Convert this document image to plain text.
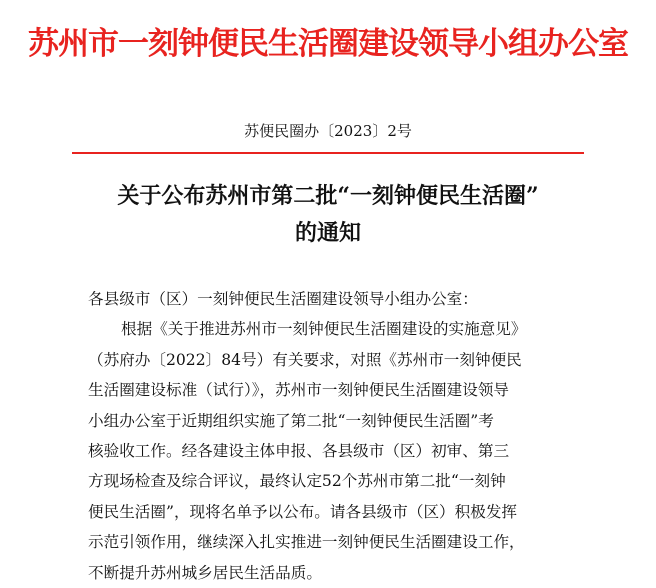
苏州市一刻钟便民生活圈建设领导小组办公室
苏便民圈办〔2023〕2号
关于公布苏州市第二批“一刻钟便民生活圈”
的通知
各县级市（区）一刻钟便民生活圈建设领导小组办公室：
根据《关于推进苏州市一刻钟便民生活圈建设的实施意见》
（苏府办〔2022〕84号）有关要求，对照《苏州市一刻钟便民
生活圈建设标准（试行）》，苏州市一刻钟便民生活圈建设领导
小组办公室于近期组织实施了第二批“一刻钟便民生活圈”考
核验收工作。经各建设主体申报、各县级市（区）初审、第三
方现场检查及综合评议，最终认定52个苏州市第二批“一刻钟
便民生活圈”，现将名单予以公布。请各县级市（区）积极发挥
示范引领作用，继续深入扎实推进一刻钟便民生活圈建设工作，
不断提升苏州城乡居民生活品质。
